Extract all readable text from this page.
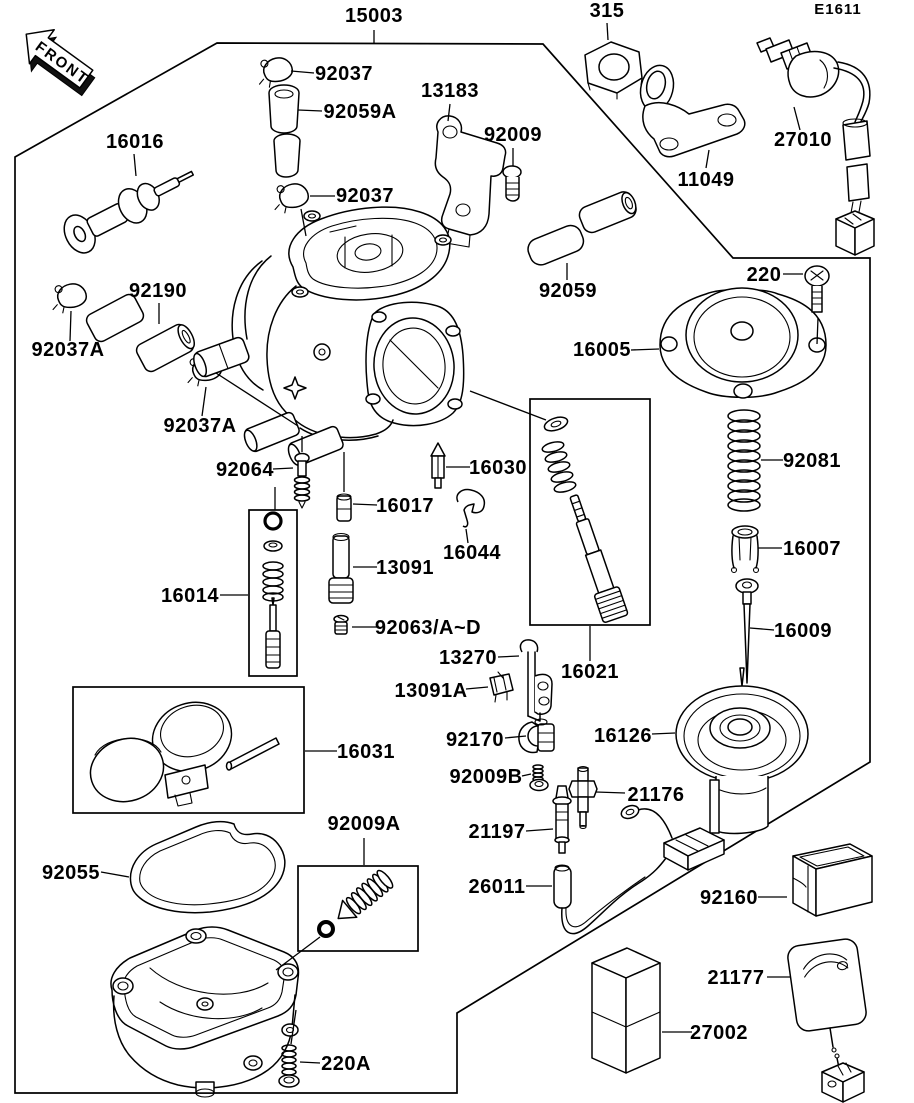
FRONT
E1611
15003	315
16016
92037
92059A
92037
13183
92009	27010
11049
92059
220
16005
92037A
92190
92037A
92064
16014
16017
13091
16030
16044
92063/A~D
13270
13091A
16021
92170
92009B
16126
21197
21176
26011
92081
16007
16009
16031
92055
92009A
92160
220A
27002
21177
